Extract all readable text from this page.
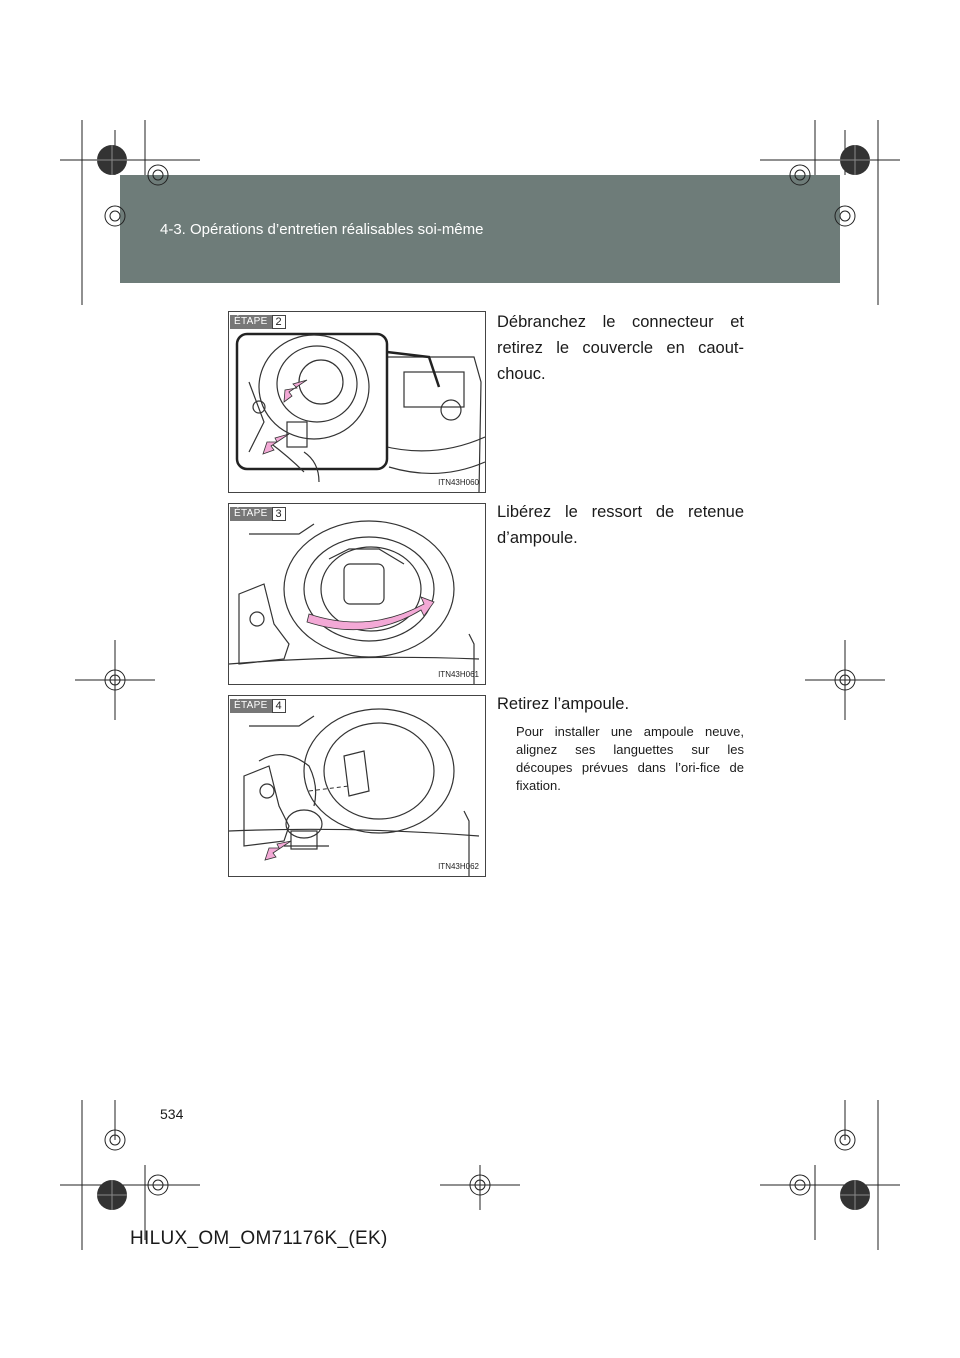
HILUX_OM_OM71176K_(EK).book Page 534 Wednesday, May 16, 2012 2:32 PM
4-3. Opérations d’entretien réalisables soi-même
ÉTAPE 2
ITN43H060
Débranchez le connecteur et retirez le couvercle en caout-chouc.
ÉTAPE 3
ITN43H061
Libérez le ressort de retenue d’ampoule.
ÉTAPE 4
ITN43H062
Retirez l’ampoule.
Pour installer une ampoule neuve, alignez ses languettes sur les découpes prévues dans l’ori-fice de fixation.
534
HILUX_OM_OM71176K_(EK)
